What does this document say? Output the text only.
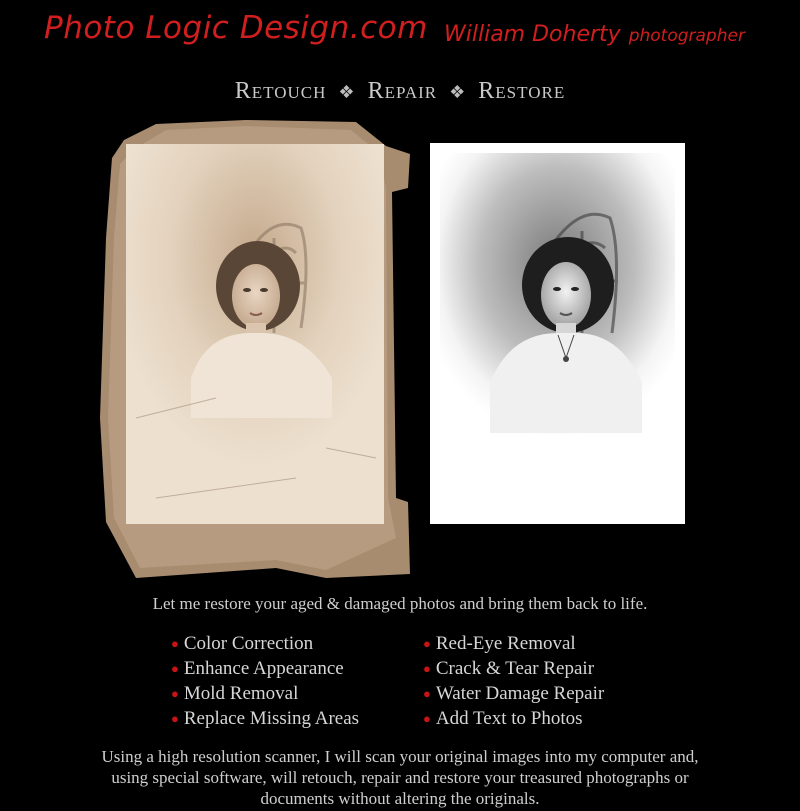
Photo Logic Design.com William Doherty photographer
Retouch ❖ Repair ❖ Restore
Let me restore your aged & damaged photos and bring them back to life.
● Color Correction
● Enhance Appearance
● Mold Removal
● Replace Missing Areas
● Red-Eye Removal
● Crack & Tear Repair
● Water Damage Repair
● Add Text to Photos
Using a high resolution scanner, I will scan your original images into my computer and, using special software, will retouch, repair and restore your treasured photographs or documents without altering the originals.
